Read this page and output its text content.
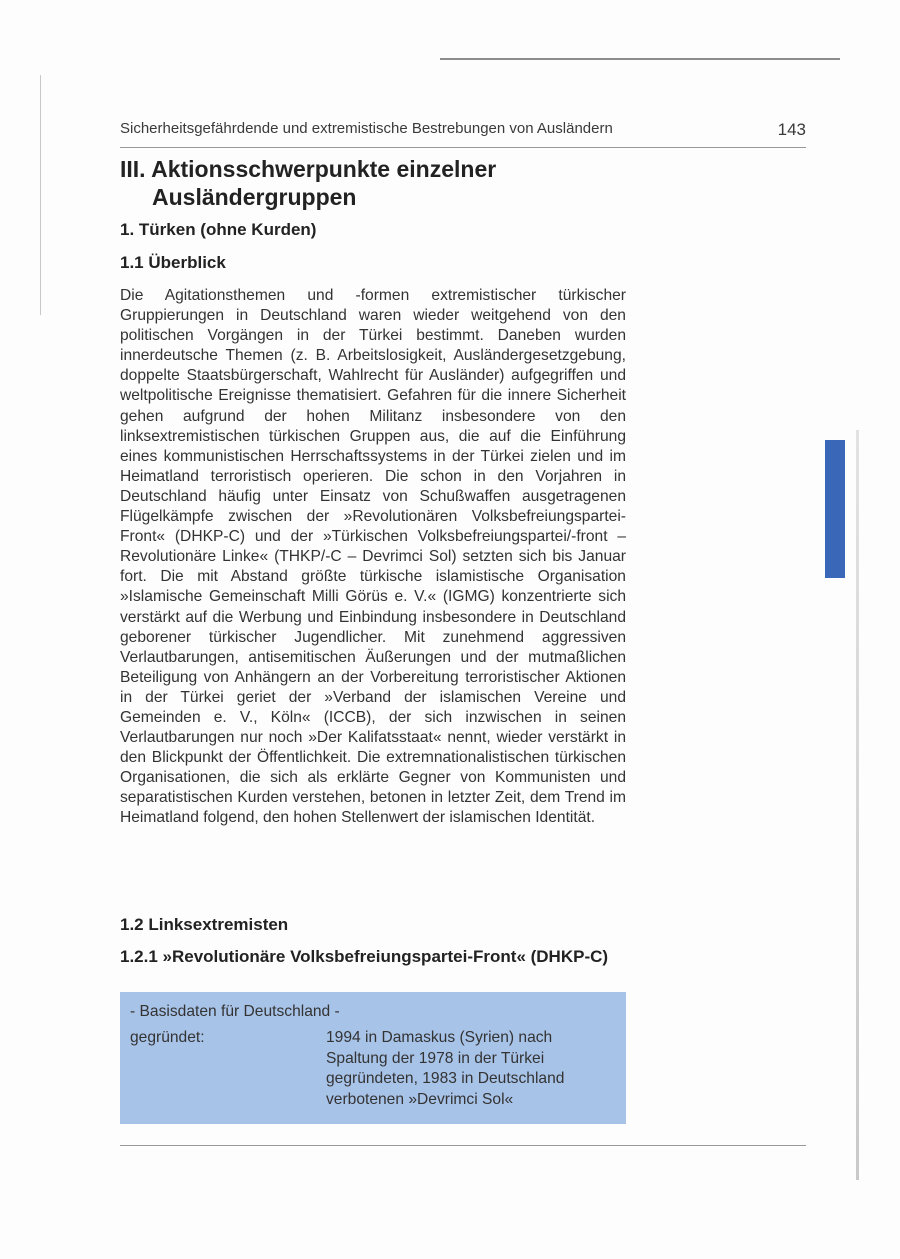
Sicherheitsgefährdende und extremistische Bestrebungen von Ausländern	143
III. Aktionsschwerpunkte einzelner
Ausländergruppen
1. Türken (ohne Kurden)
1.1 Überblick

Die Agitationsthemen und -formen extremistischer türkischer Gruppierungen in Deutschland waren wieder weitgehend von den politischen Vorgängen in der Türkei bestimmt. Daneben wurden innerdeutsche Themen (z. B. Arbeitslosigkeit, Ausländergesetzgebung, doppelte Staatsbürgerschaft, Wahlrecht für Ausländer) aufgegriffen und weltpolitische Ereignisse thematisiert. Gefahren für die innere Sicherheit gehen aufgrund der hohen Militanz insbesondere von den linksextremistischen türkischen Gruppen aus, die auf die Einführung eines kommunistischen Herrschaftssystems in der Türkei zielen und im Heimatland terroristisch operieren. Die schon in den Vorjahren in Deutschland häufig unter Einsatz von Schußwaffen ausgetragenen Flügelkämpfe zwischen der »Revolutionären Volksbefreiungspartei-Front« (DHKP-C) und der »Türkischen Volksbefreiungspartei/-front – Revolutionäre Linke« (THKP/-C – Devrimci Sol) setzten sich bis Januar fort. Die mit Abstand größte türkische islamistische Organisation »Islamische Gemeinschaft Milli Görüs e. V.« (IGMG) konzentrierte sich verstärkt auf die Werbung und Einbindung insbesondere in Deutschland geborener türkischer Jugendlicher. Mit zunehmend aggressiven Verlautbarungen, antisemitischen Äußerungen und der mutmaßlichen Beteiligung von Anhängern an der Vorbereitung terroristischer Aktionen in der Türkei geriet der »Verband der islamischen Vereine und Gemeinden e. V., Köln« (ICCB), der sich inzwischen in seinen Verlautbarungen nur noch »Der Kalifatsstaat« nennt, wieder verstärkt in den Blickpunkt der Öffentlichkeit. Die extremnationalistischen türkischen Organisationen, die sich als erklärte Gegner von Kommunisten und separatistischen Kurden verstehen, betonen in letzter Zeit, dem Trend im Heimatland folgend, den hohen Stellenwert der islamischen Identität.

1.2 Linksextremisten
1.2.1 »Revolutionäre Volksbefreiungspartei-Front« (DHKP-C)
- Basisdaten für Deutschland -
gegründet:	1994 in Damaskus (Syrien) nach Spaltung der 1978 in der Türkei gegründeten, 1983 in Deutschland verbotenen »Devrimci Sol«
